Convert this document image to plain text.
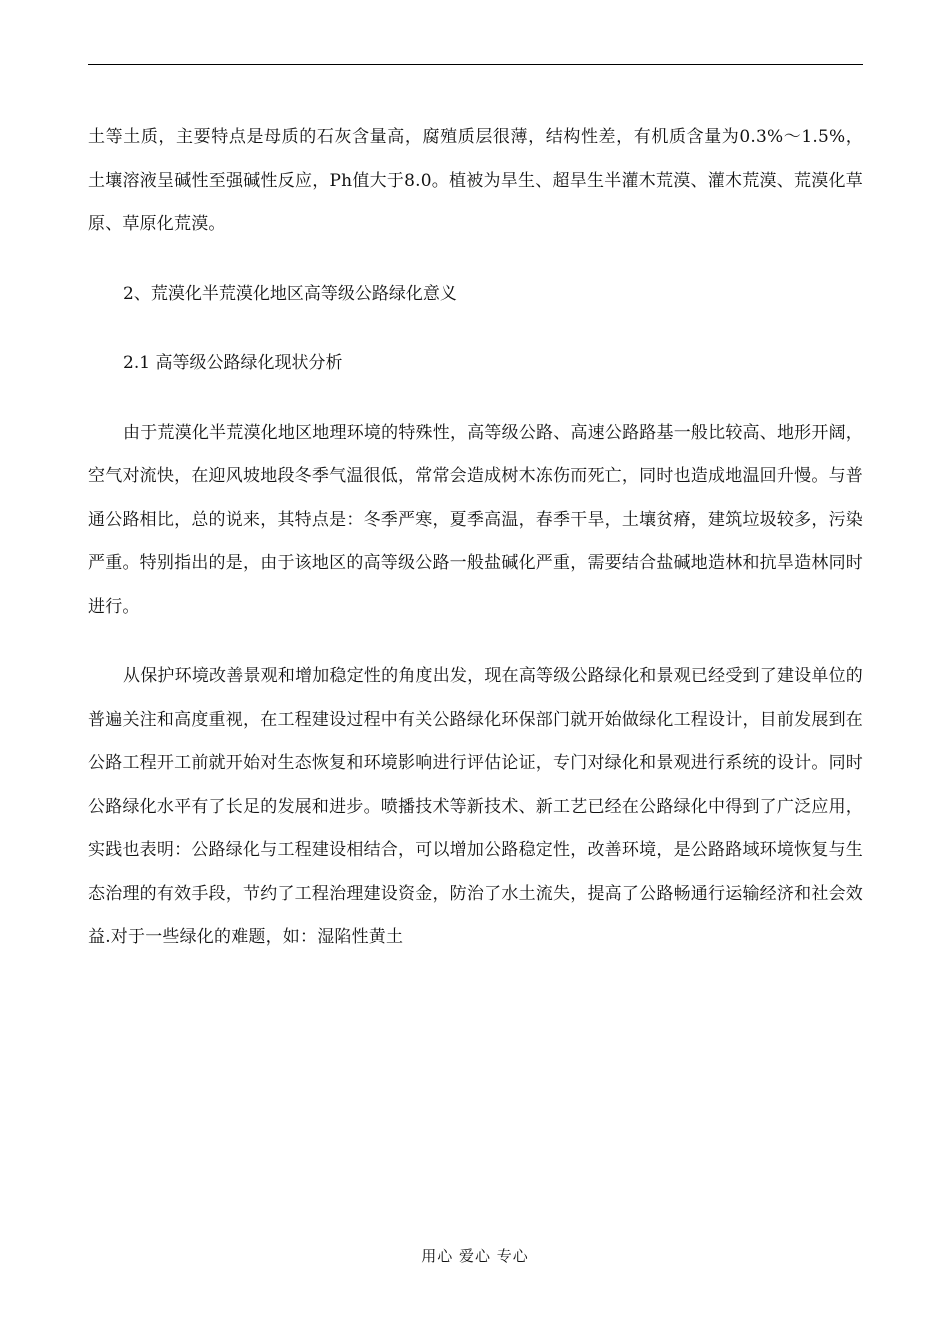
土等土质，主要特点是母质的石灰含量高，腐殖质层很薄，结构性差，有机质含量为0.3%～1.5%，土壤溶液呈碱性至强碱性反应，Ph值大于8.0。植被为旱生、超旱生半灌木荒漠、灌木荒漠、荒漠化草原、草原化荒漠。

2、荒漠化半荒漠化地区高等级公路绿化意义

2.1 高等级公路绿化现状分析

由于荒漠化半荒漠化地区地理环境的特殊性，高等级公路、高速公路路基一般比较高、地形开阔，空气对流快，在迎风坡地段冬季气温很低，常常会造成树木冻伤而死亡，同时也造成地温回升慢。与普通公路相比，总的说来，其特点是：冬季严寒，夏季高温，春季干旱，土壤贫瘠，建筑垃圾较多，污染严重。特别指出的是，由于该地区的高等级公路一般盐碱化严重，需要结合盐碱地造林和抗旱造林同时进行。

从保护环境改善景观和增加稳定性的角度出发，现在高等级公路绿化和景观已经受到了建设单位的普遍关注和高度重视，在工程建设过程中有关公路绿化环保部门就开始做绿化工程设计，目前发展到在公路工程开工前就开始对生态恢复和环境影响进行评估论证，专门对绿化和景观进行系统的设计。同时公路绿化水平有了长足的发展和进步。喷播技术等新技术、新工艺已经在公路绿化中得到了广泛应用，实践也表明：公路绿化与工程建设相结合，可以增加公路稳定性，改善环境，是公路路域环境恢复与生态治理的有效手段，节约了工程治理建设资金，防治了水土流失，提高了公路畅通行运输经济和社会效益.对于一些绿化的难题，如：湿陷性黄土

用心 爱心 专心
